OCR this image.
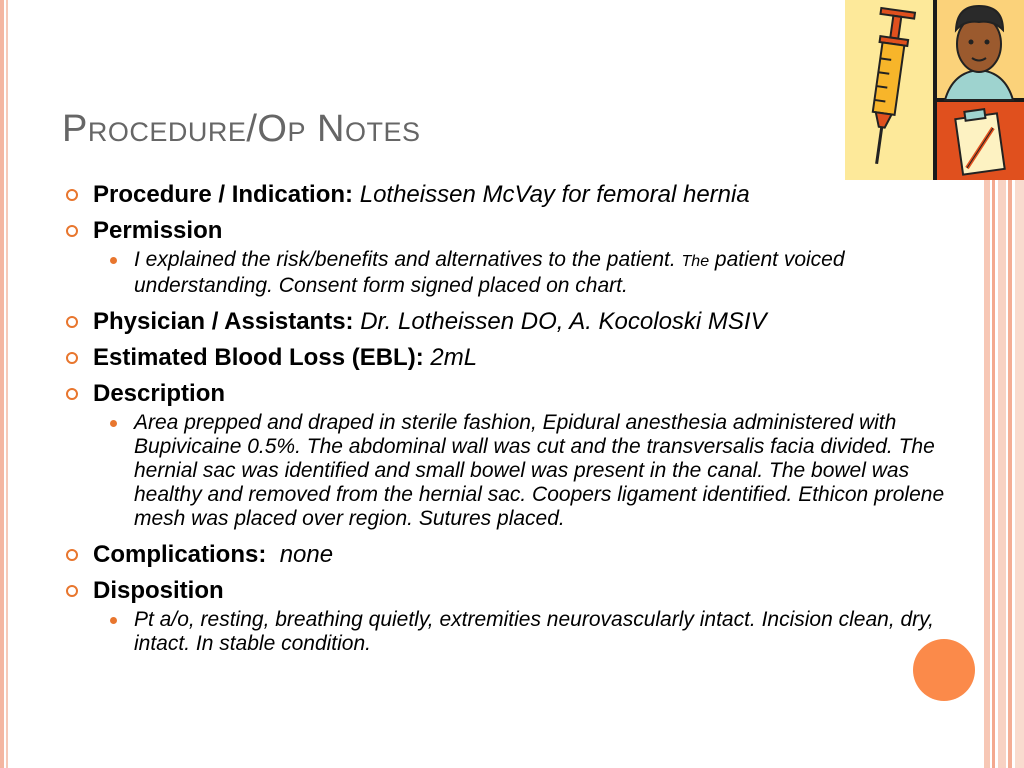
Procedure/Op Notes
Procedure / Indication: Lotheissen McVay for femoral hernia
Permission
I explained the risk/benefits and alternatives to the patient. The patient voiced understanding. Consent form signed placed on chart.
Physician / Assistants: Dr. Lotheissen DO, A. Kocoloski MSIV
Estimated Blood Loss (EBL): 2mL
Description
Area prepped and draped in sterile fashion, Epidural anesthesia administered with Bupivicaine 0.5%. The abdominal wall was cut and the transversalis facia divided. The hernial sac was identified and small bowel was present in the canal. The bowel was healthy and removed from the hernial sac. Coopers ligament identified. Ethicon prolene mesh was placed over region. Sutures placed.
Complications: none
Disposition
Pt a/o, resting, breathing quietly, extremities neurovascularly intact. Incision clean, dry, intact. In stable condition.
